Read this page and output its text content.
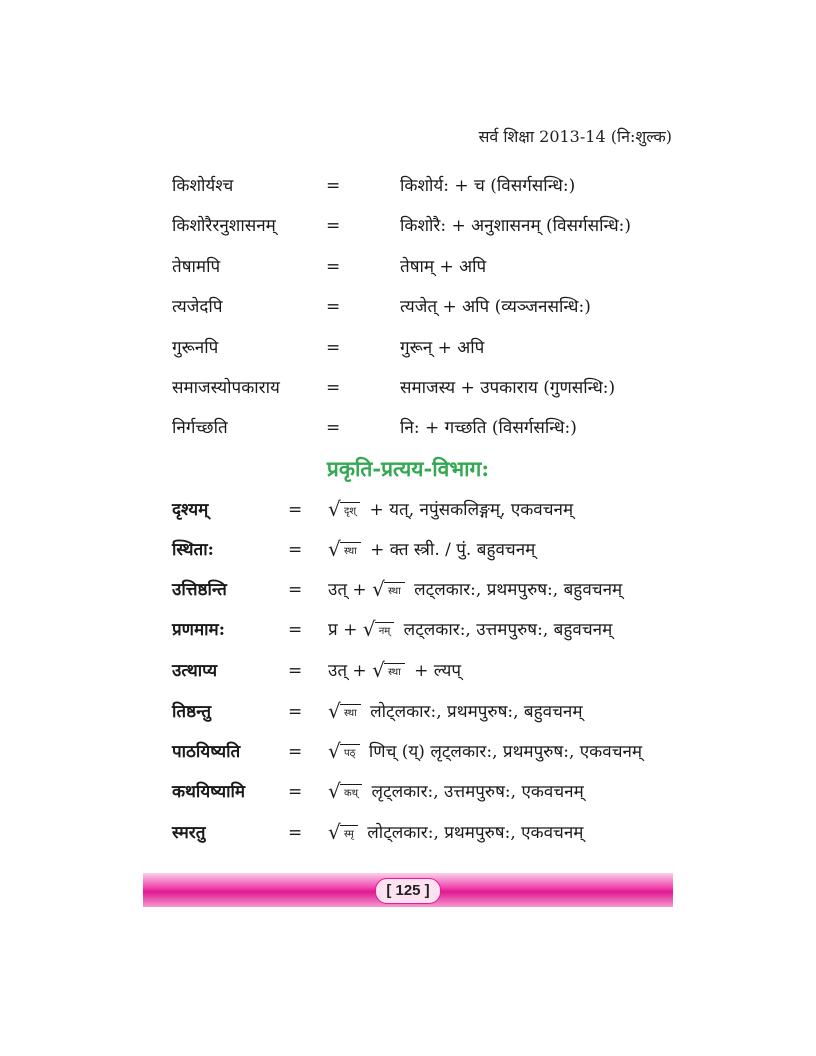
सर्व शिक्षा 2013-14 (नि:शुल्क)
किशोर्यश्च	=	किशोर्य: + च (विसर्गसन्धि:)
किशोरैरनुशासनम्	=	किशोरै: + अनुशासनम् (विसर्गसन्धि:)
तेषामपि	=	तेषाम् + अपि
त्यजेदपि	=	त्यजेत् + अपि (व्यञ्जनसन्धि:)
गुरूनपि	=	गुरून् + अपि
समाजस्योपकाराय	=	समाजस्य + उपकाराय (गुणसन्धि:)
निर्गच्छति	=	नि: + गच्छति (विसर्गसन्धि:)
प्रकृति-प्रत्यय-विभाग:
दृश्यम्	= √ दृश् + यत्, नपुंसकलिङ्गम्, एकवचनम्
स्थिता:	= √ स्था + क्त स्त्री. / पुं. बहुवचनम्
उत्तिष्ठन्ति	= उत् + √ स्था लट्लकार:, प्रथमपुरुष:, बहुवचनम्
प्रणमाम:	= प्र + √ नम् लट्लकार:, उत्तमपुरुष:, बहुवचनम्
उत्थाप्य	= उत् + √ स्था + ल्यप्
तिष्ठन्तु	= √ स्था लोट्लकार:, प्रथमपुरुष:, बहुवचनम्
पाठयिष्यति	= √ पठ् णिच् (य्) लृट्लकार:, प्रथमपुरुष:, एकवचनम्
कथयिष्यामि	= √ कथ् लृट्लकार:, उत्तमपुरुष:, एकवचनम्
स्मरतु	= √ स्मृ लोट्लकार:, प्रथमपुरुष:, एकवचनम्
[ 125 ]
